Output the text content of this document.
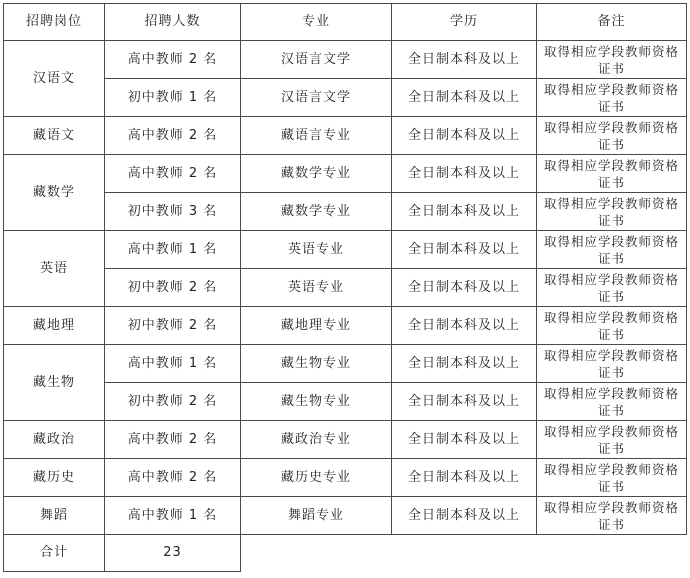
招聘岗位	招聘人数	专业	学历	备注
汉语文	高中教师 2 名	汉语言文学	全日制本科及以上	取得相应学段教师资格证书
	初中教师 1 名	汉语言文学	全日制本科及以上	取得相应学段教师资格证书
藏语文	高中教师 2 名	藏语言专业	全日制本科及以上	取得相应学段教师资格证书
藏数学	高中教师 2 名	藏数学专业	全日制本科及以上	取得相应学段教师资格证书
	初中教师 3 名	藏数学专业	全日制本科及以上	取得相应学段教师资格证书
英语	高中教师 1 名	英语专业	全日制本科及以上	取得相应学段教师资格证书
	初中教师 2 名	英语专业	全日制本科及以上	取得相应学段教师资格证书
藏地理	初中教师 2 名	藏地理专业	全日制本科及以上	取得相应学段教师资格证书
藏生物	高中教师 1 名	藏生物专业	全日制本科及以上	取得相应学段教师资格证书
	初中教师 2 名	藏生物专业	全日制本科及以上	取得相应学段教师资格证书
藏政治	高中教师 2 名	藏政治专业	全日制本科及以上	取得相应学段教师资格证书
藏历史	高中教师 2 名	藏历史专业	全日制本科及以上	取得相应学段教师资格证书
舞蹈	高中教师 1 名	舞蹈专业	全日制本科及以上	取得相应学段教师资格证书
合计	23			
